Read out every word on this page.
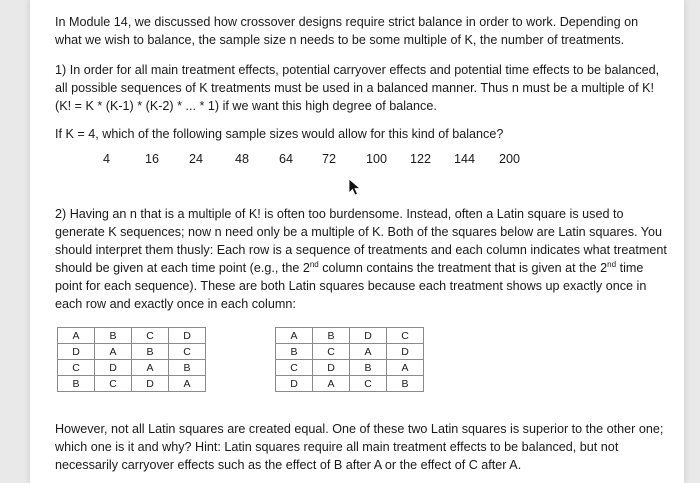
In Module 14, we discussed how crossover designs require strict balance in order to work. Depending on what we wish to balance, the sample size n needs to be some multiple of K, the number of treatments.

1) In order for all main treatment effects, potential carryover effects and potential time effects to be balanced, all possible sequences of K treatments must be used in a balanced manner. Thus n must be a multiple of K! (K! = K * (K-1) * (K-2) * ... * 1) if we want this high degree of balance.

If K = 4, which of the following sample sizes would allow for this kind of balance?

4	16 24	48 64 72 100 122 144 200

2) Having an n that is a multiple of K! is often too burdensome. Instead, often a Latin square is used to generate K sequences; now n need only be a multiple of K. Both of the squares below are Latin squares. You should interpret them thusly: Each row is a sequence of treatments and each column indicates what treatment should be given at each time point (e.g., the 2nd column contains the treatment that is given at the 2nd time point for each sequence). These are both Latin squares because each treatment shows up exactly once in each row and exactly once in each column:

A	B	C	D
D	A	B	C
C	D	A	B
B	C	D	A
A	B	D	C
B	C	A	D
C	D	B	A
D	A	C	B

However, not all Latin squares are created equal. One of these two Latin squares is superior to the other one; which one is it and why? Hint: Latin squares require all main treatment effects to be balanced, but not necessarily carryover effects such as the effect of B after A or the effect of C after A.
